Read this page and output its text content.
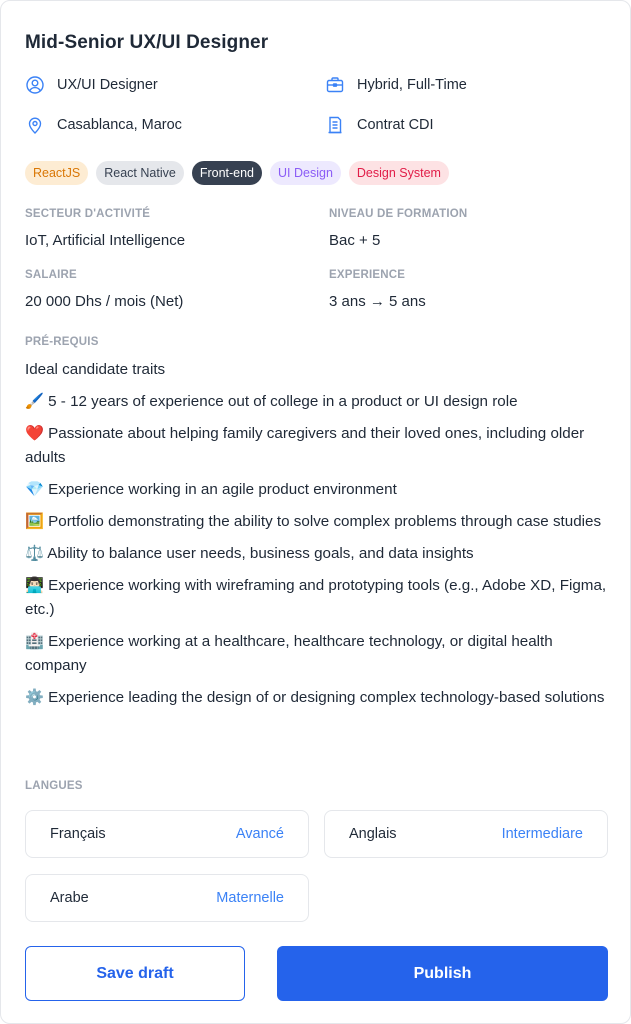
Mid-Senior UX/UI Designer
UX/UI Designer	Hybrid, Full-Time
Casablanca, Maroc	Contrat CDI
ReactJS	React Native	Front-end	UI Design	Design System
SECTEUR D'ACTIVITÉ
IoT, Artificial Intelligence
NIVEAU DE FORMATION
Bac + 5
SALAIRE
20 000 Dhs / mois (Net)
EXPERIENCE
3 ans → 5 ans
PRÉ-REQUIS

Ideal candidate traits

🖌️ 5 - 12 years of experience out of college in a product or UI design role

❤️ Passionate about helping family caregivers and their loved ones, including older adults

💎 Experience working in an agile product environment

🖼️ Portfolio demonstrating the ability to solve complex problems through case studies

⚖️ Ability to balance user needs, business goals, and data insights

👨🏻‍💻 Experience working with wireframing and prototyping tools (e.g., Adobe XD, Figma, etc.)

🏥 Experience working at a healthcare, healthcare technology, or digital health company

⚙️ Experience leading the design of or designing complex technology-based solutions

LANGUES
Français	Avancé	Anglais	Intermediare
Arabe	Maternelle
Save draft	Publish
